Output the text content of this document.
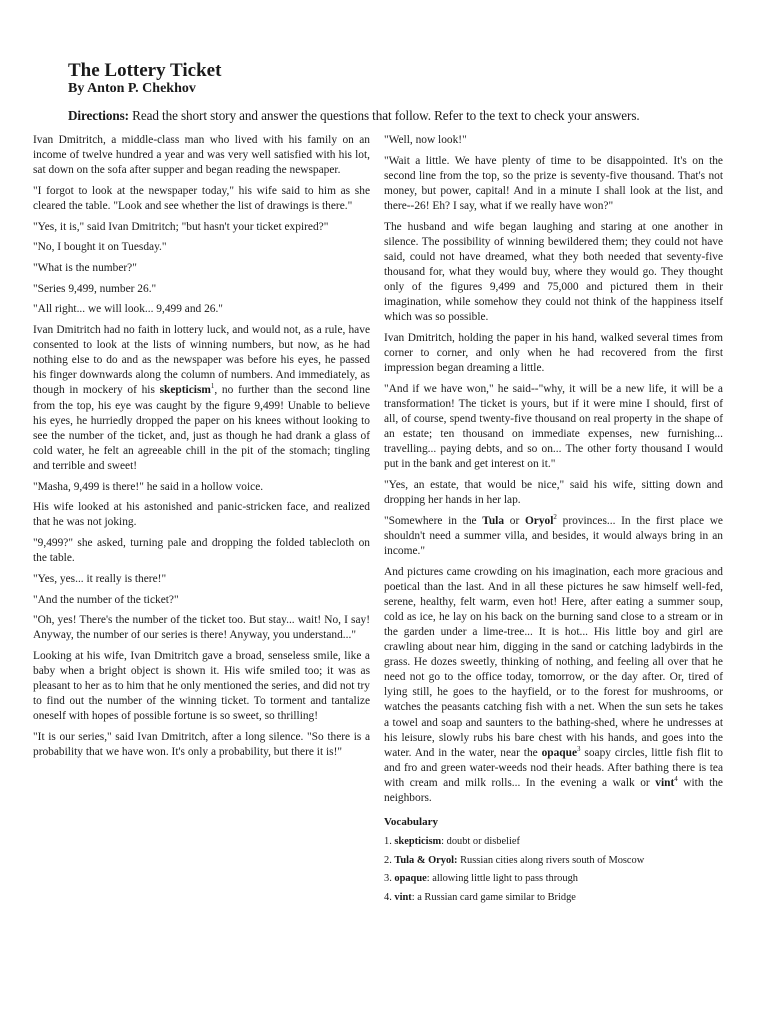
The Lottery Ticket
By Anton P. Chekhov

Directions: Read the short story and answer the questions that follow. Refer to the text to check your answers.

Ivan Dmitritch, a middle-class man who lived with his family on an income of twelve hundred a year and was very well satisfied with his lot, sat down on the sofa after supper and began reading the newspaper.

"I forgot to look at the newspaper today," his wife said to him as she cleared the table. "Look and see whether the list of drawings is there."

"Yes, it is," said Ivan Dmitritch; "but hasn't your ticket expired?"

"No, I bought it on Tuesday."

"What is the number?"

"Series 9,499, number 26."

"All right... we will look... 9,499 and 26."

Ivan Dmitritch had no faith in lottery luck, and would not, as a rule, have consented to look at the lists of winning numbers, but now, as he had nothing else to do and as the newspaper was before his eyes, he passed his finger downwards along the column of numbers. And immediately, as though in mockery of his skepticism$^1$, no further than the second line from the top, his eye was caught by the figure 9,499! Unable to believe his eyes, he hurriedly dropped the paper on his knees without looking to see the number of the ticket, and, just as though he had drank a glass of cold water, he felt an agreeable chill in the pit of the stomach; tingling and terrible and sweet!

"Masha, 9,499 is there!" he said in a hollow voice.

His wife looked at his astonished and panic-stricken face, and realized that he was not joking.

"9,499?" she asked, turning pale and dropping the folded tablecloth on the table.

"Yes, yes... it really is there!"

"And the number of the ticket?"

"Oh, yes! There's the number of the ticket too. But stay... wait! No, I say! Anyway, the number of our series is there! Anyway, you understand..."

Looking at his wife, Ivan Dmitritch gave a broad, senseless smile, like a baby when a bright object is shown it. His wife smiled too; it was as pleasant to her as to him that he only mentioned the series, and did not try to find out the number of the winning ticket. To torment and tantalize oneself with hopes of possible fortune is so sweet, so thrilling!

"It is our series," said Ivan Dmitritch, after a long silence. "So there is a probability that we have won. It's only a probability, but there it is!"

"Well, now look!"

"Wait a little. We have plenty of time to be disappointed. It's on the second line from the top, so the prize is seventy-five thousand. That's not money, but power, capital! And in a minute I shall look at the list, and there--26! Eh? I say, what if we really have won?"

The husband and wife began laughing and staring at one another in silence. The possibility of winning bewildered them; they could not have said, could not have dreamed, what they both needed that seventy-five thousand for, what they would buy, where they would go. They thought only of the figures 9,499 and 75,000 and pictured them in their imagination, while somehow they could not think of the happiness itself which was so possible.

Ivan Dmitritch, holding the paper in his hand, walked several times from corner to corner, and only when he had recovered from the first impression began dreaming a little.

"And if we have won," he said--"why, it will be a new life, it will be a transformation! The ticket is yours, but if it were mine I should, first of all, of course, spend twenty-five thousand on real property in the shape of an estate; ten thousand on immediate expenses, new furnishing... travelling... paying debts, and so on... The other forty thousand I would put in the bank and get interest on it."

"Yes, an estate, that would be nice," said his wife, sitting down and dropping her hands in her lap.

"Somewhere in the Tula or Oryol$^2$ provinces... In the first place we shouldn't need a summer villa, and besides, it would always bring in an income."

And pictures came crowding on his imagination, each more gracious and poetical than the last. And in all these pictures he saw himself well-fed, serene, healthy, felt warm, even hot! Here, after eating a summer soup, cold as ice, he lay on his back on the burning sand close to a stream or in the garden under a lime-tree... It is hot... His little boy and girl are crawling about near him, digging in the sand or catching ladybirds in the grass. He dozes sweetly, thinking of nothing, and feeling all over that he need not go to the office today, tomorrow, or the day after. Or, tired of lying still, he goes to the hayfield, or to the forest for mushrooms, or watches the peasants catching fish with a net. When the sun sets he takes a towel and soap and saunters to the bathing-shed, where he undresses at his leisure, slowly rubs his bare chest with his hands, and goes into the water. And in the water, near the opaque$^3$ soapy circles, little fish flit to and fro and green water-weeds nod their heads. After bathing there is tea with cream and milk rolls... In the evening a walk or vint$^4$ with the neighbors.

Vocabulary

1. skepticism: doubt or disbelief

2. Tula & Oryol: Russian cities along rivers south of Moscow

3. opaque: allowing little light to pass through

4. vint: a Russian card game similar to Bridge
